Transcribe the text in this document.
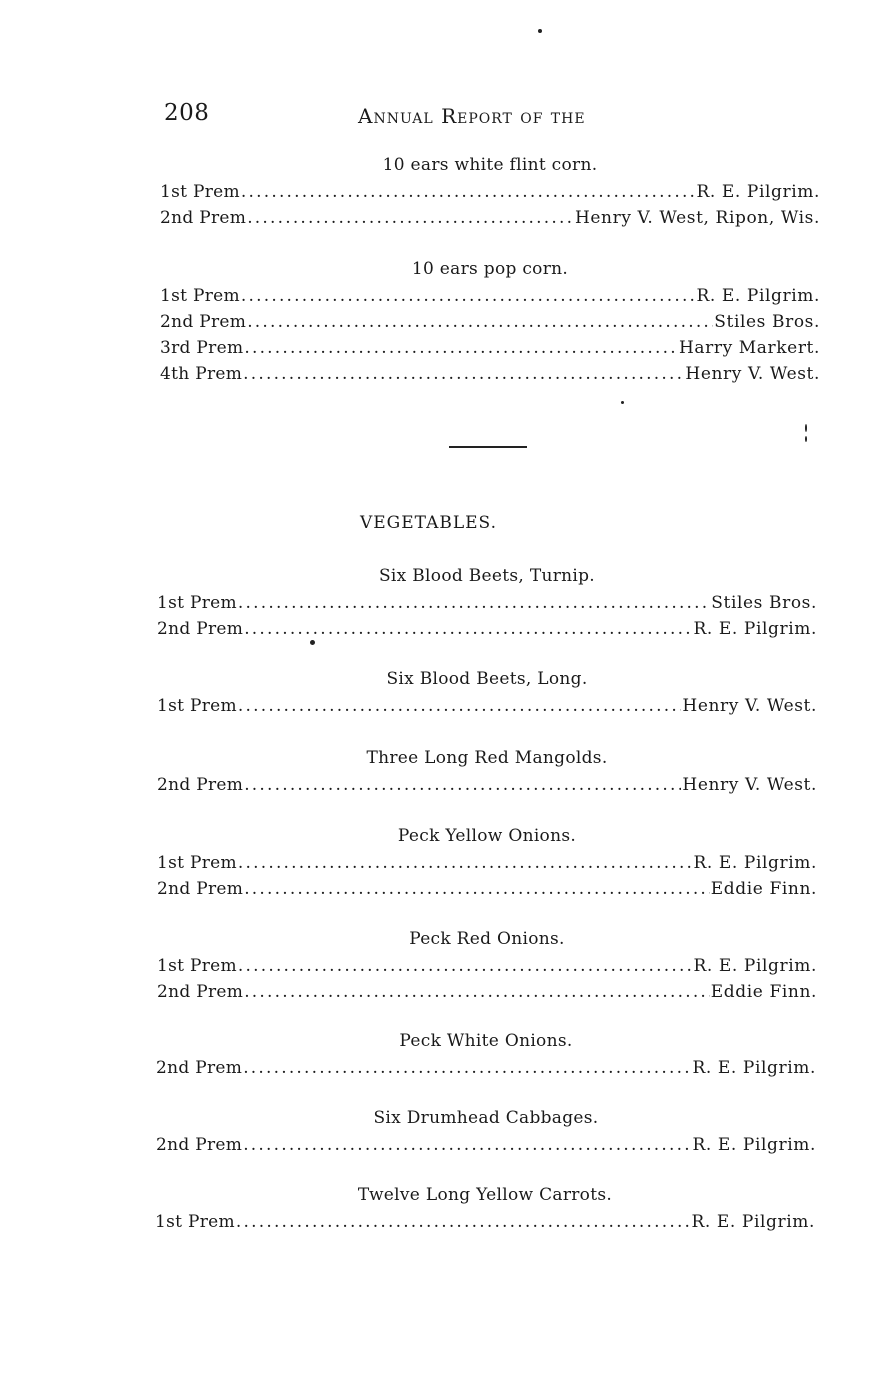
208	Annual Report of the
10 ears white flint corn.
1st Prem .....	R. E. Pilgrim.
2nd Prem .....	Henry V. West, Ripon, Wis.
10 ears pop corn.
1st Prem .....	R. E. Pilgrim.
2nd Prem .....	Stiles Bros.
3rd Prem .....	Harry Markert.
4th Prem .....	Henry V. West.
VEGETABLES.
Six Blood Beets, Turnip.
1st Prem .....	Stiles Bros.
2nd Prem .....	R. E. Pilgrim.
Six Blood Beets, Long.
1st Prem .....	Henry V. West.
Three Long Red Mangolds.
2nd Prem .....	Henry V. West.
Peck Yellow Onions.
1st Prem .....	R. E. Pilgrim.
2nd Prem .....	Eddie Finn.
Peck Red Onions.
1st Prem .....	R. E. Pilgrim.
2nd Prem .....	Eddie Finn.
Peck White Onions.
2nd Prem .....	R. E. Pilgrim.
Six Drumhead Cabbages.
2nd Prem .....	R. E. Pilgrim.
Twelve Long Yellow Carrots.
1st Prem .....	R. E. Pilgrim.
